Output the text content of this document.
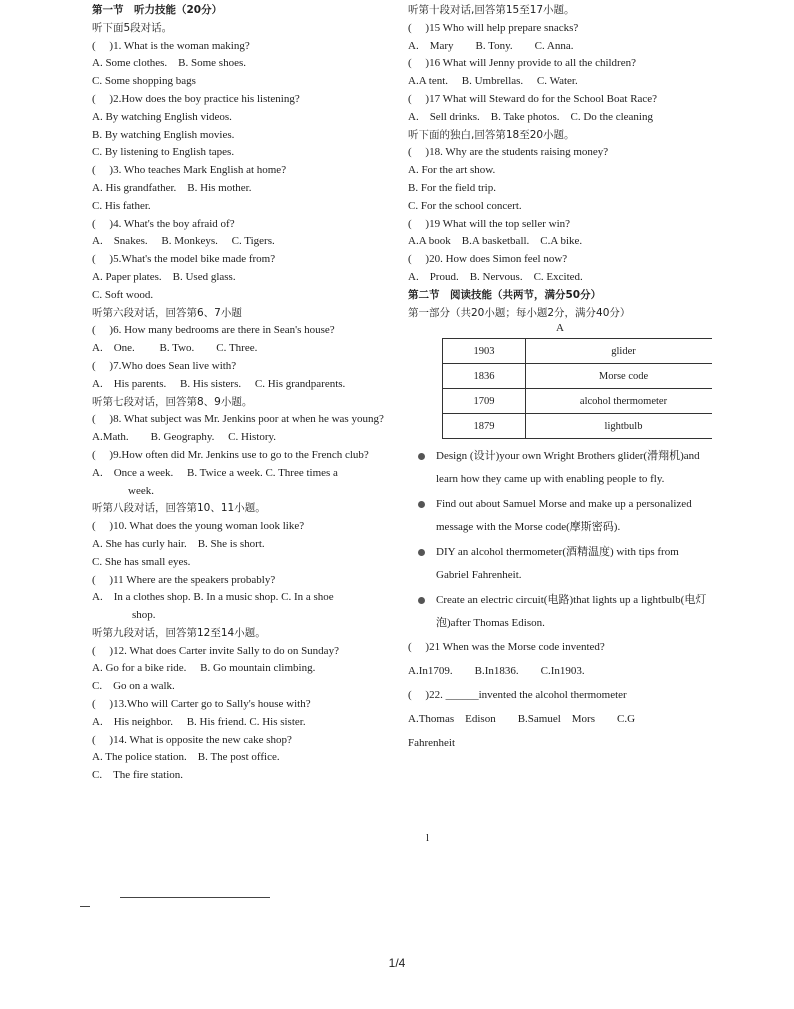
第一节　听力技能（20分）
听下面5段对话。
(　 )1. What is the woman making?
A. Some clothes.　B. Some shoes.
C. Some shopping bags
(　 )2.How does the boy practice his listening?
A. By watching English videos.
B. By watching English movies.
C. By listening to English tapes.
(　 )3. Who teaches Mark English at home?
A. His grandfather.　B. His mother.
C. His father.
(　 )4. What's the boy afraid of?
A.　Snakes.　 B. Monkeys.　 C. Tigers.
(　 )5.What's the model bike made from?
A. Paper plates.　B. Used glass.
C. Soft wood.
听第六段对话，回答第6、7小题
(　 )6. How many bedrooms are there in Sean's house?
A.　One.　　 B. Two.　　C. Three.
(　 )7.Who does Sean live with?
A.　His parents.　 B. His sisters.　 C. His grandparents.
听第七段对话，回答第8、9小题。
(　 )8. What subject was Mr. Jenkins poor at when he was young?
A.Math.　　B. Geography.　 C. History.
(　 )9.How often did Mr. Jenkins use to go to the French club?
A.　Once a week.　 B. Twice a week. C. Three times a
week.
听第八段对话，回答第10、11小题。
(　 )10. What does the young woman look like?
A. She has curly hair.　B. She is short.
C. She has small eyes.
(　 )11 Where are the speakers probably?
A.　In a clothes shop. B. In a music shop. C. In a shoe
shop.
听第九段对话，回答第12至14小题。
(　 )12. What does Carter invite Sally to do on Sunday?
A. Go for a bike ride.　 B. Go mountain climbing.
C.　Go on a walk.
(　 )13.Who will Carter go to Sally's house with?
A.　His neighbor.　 B. His friend. C. His sister.
(　 )14. What is opposite the new cake shop?
A. The police station.　B. The post office.
C.　The fire station.
听第十段对话,回答第15至17小题。
(　 )15 Who will help prepare snacks?
A.　Mary　　B. Tony.　　C. Anna.
(　 )16 What will Jenny provide to all the children?
A.A tent.　 B. Umbrellas.　 C. Water.
(　 )17 What will Steward do for the School Boat Race?
A.　Sell drinks.　B. Take photos.　C. Do the cleaning
听下面的独白,回答第18至20小题。
(　 )18. Why are the students raising money?
A. For the art show.
B. For the field trip.
C. For the school concert.
(　 )19 What will the top seller win?
A.A book　B.A basketball.　C.A bike.
(　 )20. How does Simon feel now?
A.　Proud.　B. Nervous.　C. Excited.
第二节　阅读技能（共两节，满分50分）
第一部分（共20小题；每小题2分，满分40分）
A
1903	glider
1836	Morse code
1709	alcohol thermometer
1879	lightbulb
Design (设计)your own Wright Brothers glider(滑翔机)and learn how they came up with enabling people to fly.
Find out about Samuel Morse and make up a personalized message with the Morse code(摩斯密码).
DIY an alcohol thermometer(酒精温度) with tips from Gabriel Fahrenheit.
Create an electric circuit(电路)that lights up a lightbulb(电灯泡)after Thomas Edison.
(　 )21 When was the Morse code invented?
A.In1709.　　B.In1836.　　C.In1903.
(　 )22. ______invented the alcohol thermometer
A.Thomas　Edison　　B.Samuel　Mors　　C.G
Fahrenheit
l
1/4
